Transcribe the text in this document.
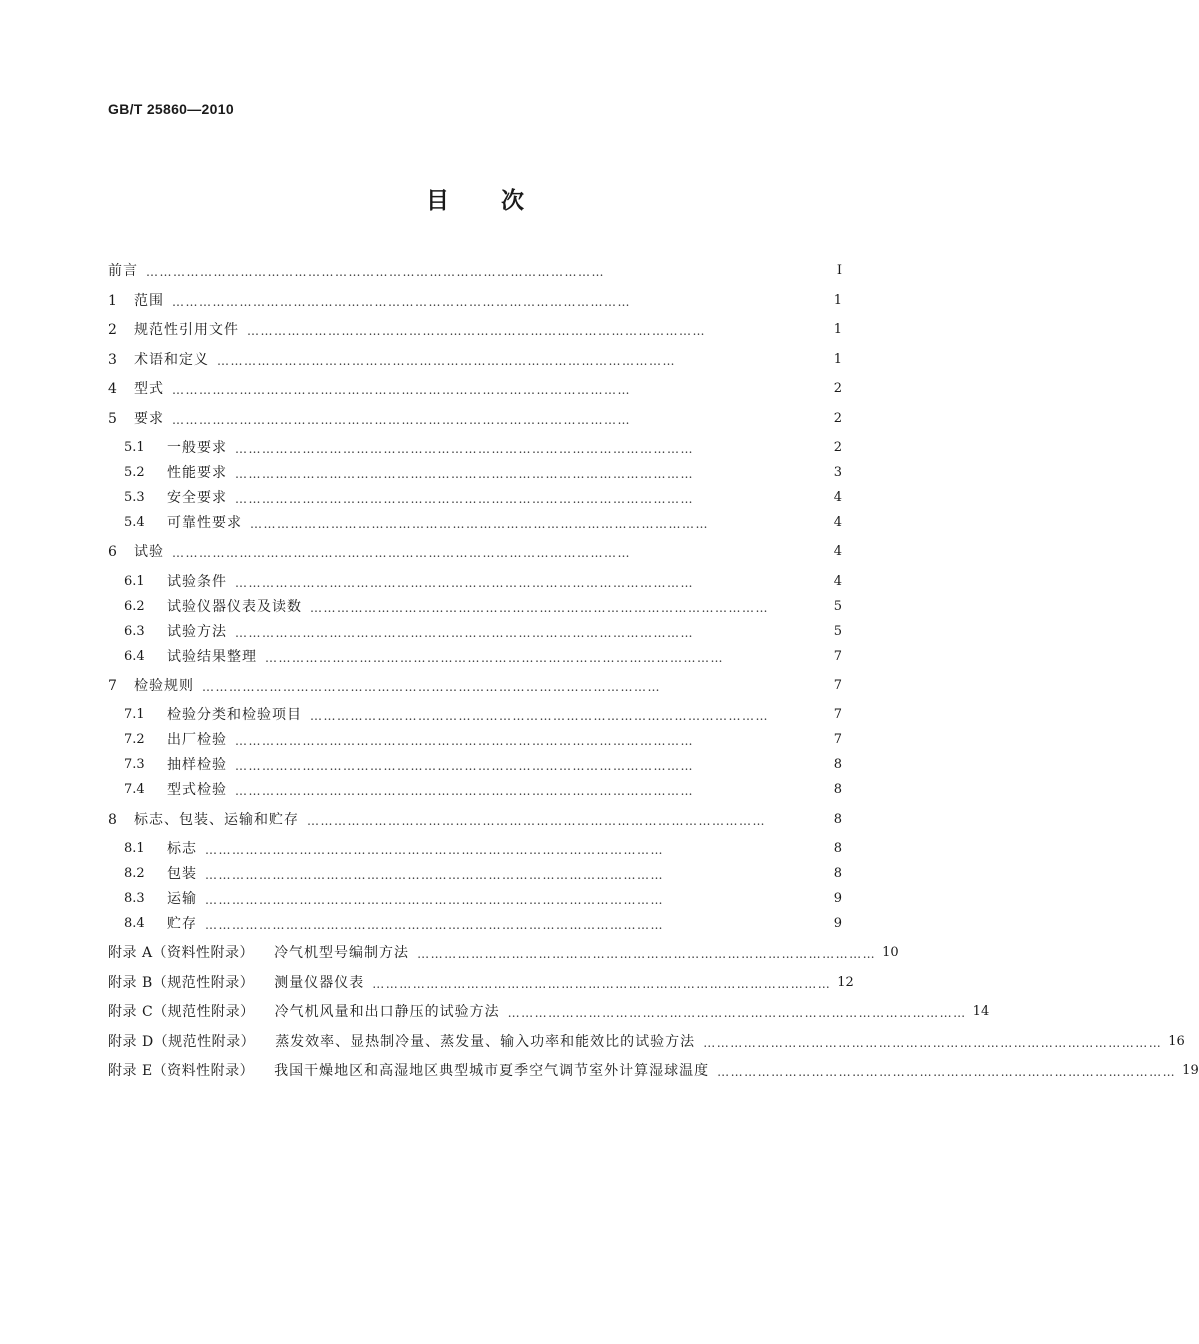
GB/T 25860—2010
目 次
前言 …………………………………………………………………………………………	Ⅰ
1	范围 …………………………………………………………………………………………	1
2	规范性引用文件 …………………………………………………………………………………………	1
3	术语和定义 …………………………………………………………………………………………	1
4	型式 …………………………………………………………………………………………	2
5	要求 …………………………………………………………………………………………	2
5.1	一般要求 …………………………………………………………………………………………	2
5.2	性能要求 …………………………………………………………………………………………	3
5.3	安全要求 …………………………………………………………………………………………	4
5.4	可靠性要求 …………………………………………………………………………………………	4
6	试验 …………………………………………………………………………………………	4
6.1	试验条件 …………………………………………………………………………………………	4
6.2	试验仪器仪表及读数 …………………………………………………………………………………………	5
6.3	试验方法 …………………………………………………………………………………………	5
6.4	试验结果整理 …………………………………………………………………………………………	7
7	检验规则 …………………………………………………………………………………………	7
7.1	检验分类和检验项目 …………………………………………………………………………………………	7
7.2	出厂检验 …………………………………………………………………………………………	7
7.3	抽样检验 …………………………………………………………………………………………	8
7.4	型式检验 …………………………………………………………………………………………	8
8	标志、包装、运输和贮存 …………………………………………………………………………………………	8
8.1	标志 …………………………………………………………………………………………	8
8.2	包装 …………………………………………………………………………………………	8
8.3	运输 …………………………………………………………………………………………	9
8.4	贮存 …………………………………………………………………………………………	9
附录 A（资料性附录） 冷气机型号编制方法 ………………………………………………………………………………………… 10
附录 B（规范性附录） 测量仪器仪表 ………………………………………………………………………………………… 12
附录 C（规范性附录） 冷气机风量和出口静压的试验方法 ………………………………………………………………………………………… 14
附录 D（规范性附录） 蒸发效率、显热制冷量、蒸发量、输入功率和能效比的试验方法 ………………………………………………………………………………………… 16
附录 E（资料性附录） 我国干燥地区和高湿地区典型城市夏季空气调节室外计算湿球温度 ………………………………………………………………………………………… 19
